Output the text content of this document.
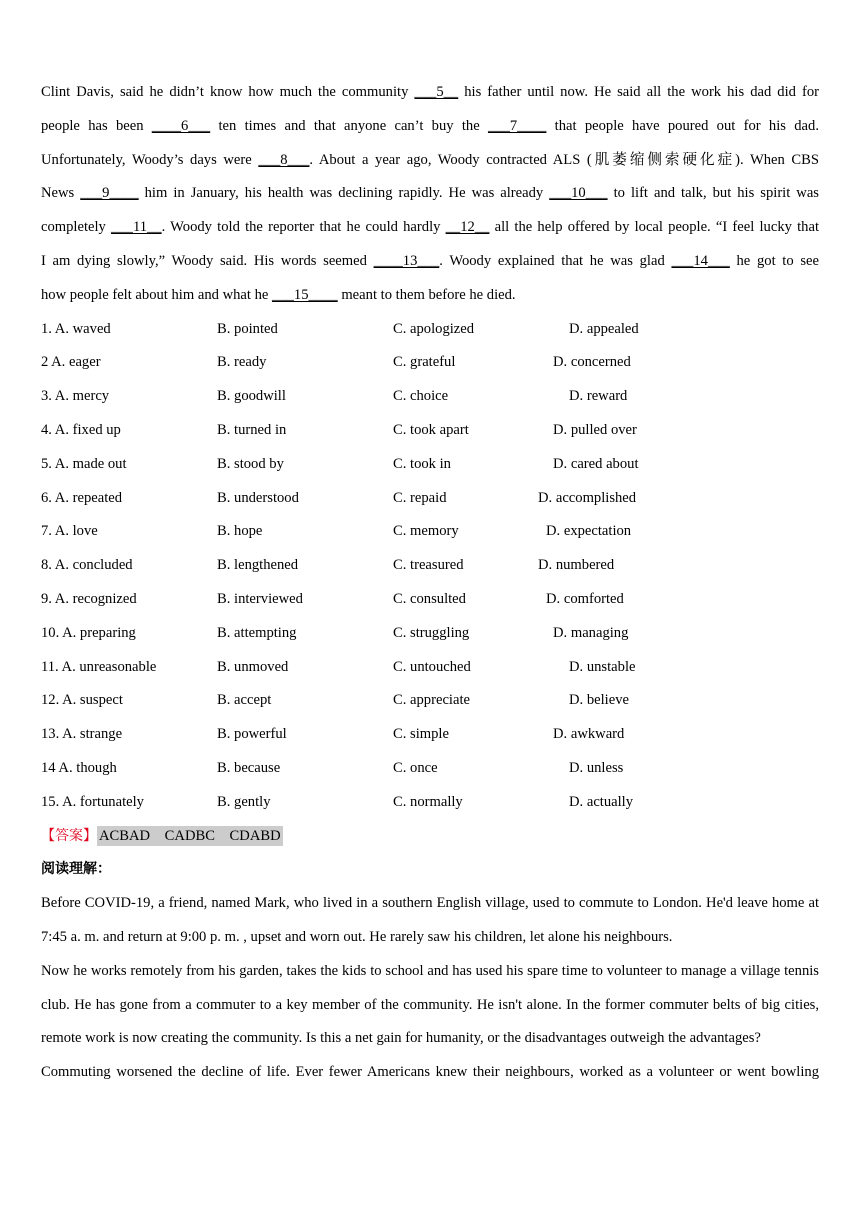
Clint Davis, said he didn’t know how much the community ___5__ his father until now. He said all the work his dad did for

people has been ____6___ ten times and that anyone can’t buy the ___7____ that people have poured out for his dad.

Unfortunately, Woody’s days were ___8___. About a year ago, Woody contracted ALS (肌萎缩侧索硬化症). When CBS

News ___9____ him in January, his health was declining rapidly. He was already ___10___ to lift and talk, but his spirit was

completely ___11__. Woody told the reporter that he could hardly __12__ all the help offered by local people. “I feel lucky that

I am dying slowly,” Woody said. His words seemed ____13___. Woody explained that he was glad ___14___ he got to see

how people felt about him and what he ___15____ meant to them before he died.

1. A. waved	B. pointed	C. apologized	D. appealed
2 A. eager	B. ready	C. grateful	D. concerned
3. A. mercy	B. goodwill	C. choice	D. reward
4. A. fixed up	B. turned in	C. took apart	D. pulled over
5. A. made out	B. stood by	C. took in	D. cared about
6. A. repeated	B. understood	C. repaid	D. accomplished
7. A. love	B. hope	C. memory	D. expectation
8. A. concluded	B. lengthened	C. treasured	D. numbered
9. A. recognized	B. interviewed	C. consulted	D. comforted
10. A. preparing	B. attempting	C. struggling	D. managing
11. A. unreasonable	B. unmoved	C. untouched	D. unstable
12. A. suspect	B. accept	C. appreciate	D. believe
13. A. strange	B. powerful	C. simple	D. awkward
14 A. though	B. because	C. once	D. unless
15. A. fortunately	B. gently	C. normally	D. actually
【答案】 ACBAD    CADBC    CDABD
阅读理解：

Before COVID-19, a friend, named Mark, who lived in a southern English village, used to commute to London. He'd leave home at 7:45 a. m. and return at 9:00 p. m. , upset and worn out. He rarely saw his children, let alone his neighbours.

Now he works remotely from his garden, takes the kids to school and has used his spare time to volunteer to manage a village tennis club. He has gone from a commuter to a key member of the community. He isn't alone. In the former commuter belts of big cities, remote work is now creating the community. Is this a net gain for humanity, or the disadvantages outweigh the advantages?

Commuting worsened the decline of life. Ever fewer Americans knew their neighbours, worked as a volunteer or went bowling
